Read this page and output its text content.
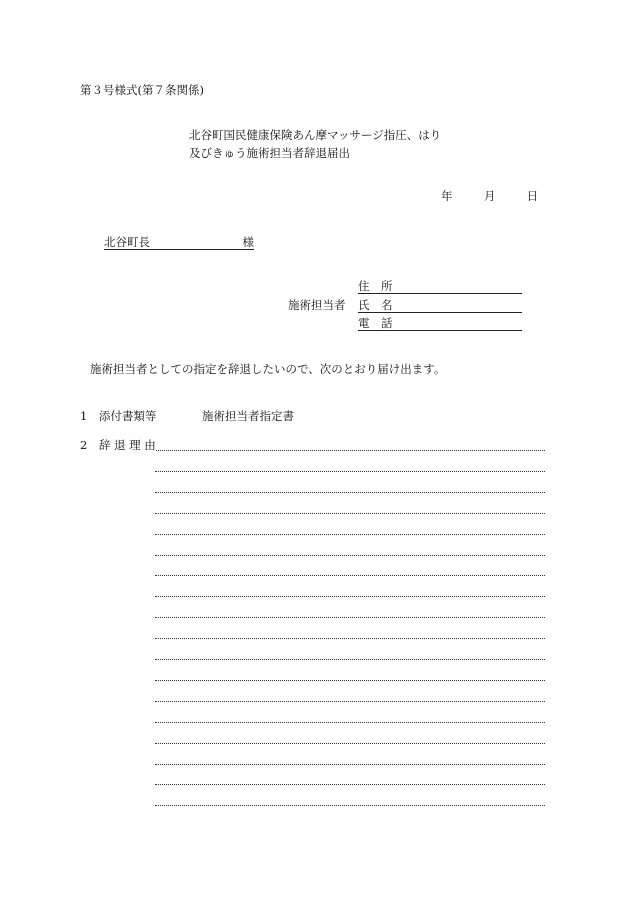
第３号様式(第７条関係)
北谷町国民健康保険あん摩マッサージ指圧、はり
及びきゅう施術担当者辞退届出
年	月	日
北谷町長	様
施術担当者
住　所
氏　名
電　話
施術担当者としての指定を辞退したいので、次のとおり届け出ます。
1　添付書類等	施術担当者指定書
2　辞 退 理 由
